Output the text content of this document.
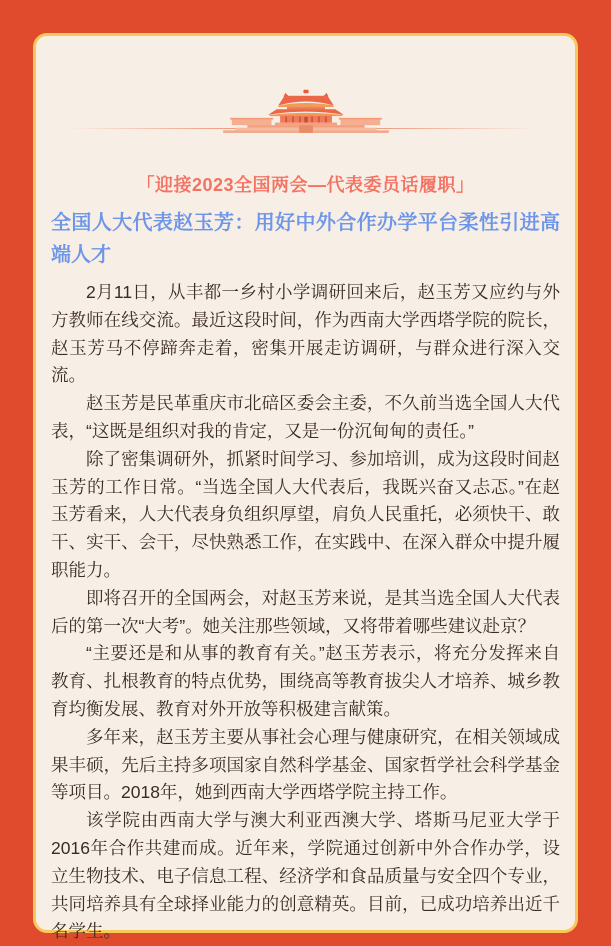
「迎接2023全国两会—代表委员话履职」
全国人大代表赵玉芳：用好中外合作办学平台柔性引进高端人才

2月11日，从丰都一乡村小学调研回来后，赵玉芳又应约与外方教师在线交流。最近这段时间，作为西南大学西塔学院的院长，赵玉芳马不停蹄奔走着，密集开展走访调研，与群众进行深入交流。

赵玉芳是民革重庆市北碚区委会主委，不久前当选全国人大代表，“这既是组织对我的肯定，又是一份沉甸甸的责任。”

除了密集调研外，抓紧时间学习、参加培训，成为这段时间赵玉芳的工作日常。“当选全国人大代表后，我既兴奋又忐忑。”在赵玉芳看来，人大代表身负组织厚望，肩负人民重托，必须快干、敢干、实干、会干，尽快熟悉工作，在实践中、在深入群众中提升履职能力。

即将召开的全国两会，对赵玉芳来说，是其当选全国人大代表后的第一次“大考”。她关注那些领域，又将带着哪些建议赴京？

“主要还是和从事的教育有关。”赵玉芳表示，将充分发挥来自教育、扎根教育的特点优势，围绕高等教育拔尖人才培养、城乡教育均衡发展、教育对外开放等积极建言献策。

多年来，赵玉芳主要从事社会心理与健康研究，在相关领域成果丰硕，先后主持多项国家自然科学基金、国家哲学社会科学基金等项目。2018年，她到西南大学西塔学院主持工作。

该学院由西南大学与澳大利亚西澳大学、塔斯马尼亚大学于2016年合作共建而成。近年来，学院通过创新中外合作办学，设立生物技术、电子信息工程、经济学和食品质量与安全四个专业，共同培养具有全球择业能力的创意精英。目前，已成功培养出近千名学生。
